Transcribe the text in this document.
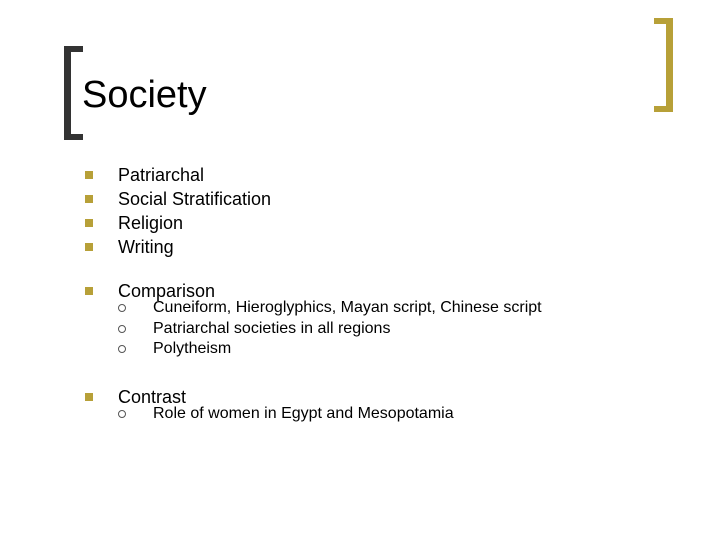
Society
Patriarchal
Social Stratification
Religion
Writing
Comparison
Cuneiform, Hieroglyphics, Mayan script, Chinese script
Patriarchal societies in all regions
Polytheism
Contrast
Role of women in Egypt and Mesopotamia
